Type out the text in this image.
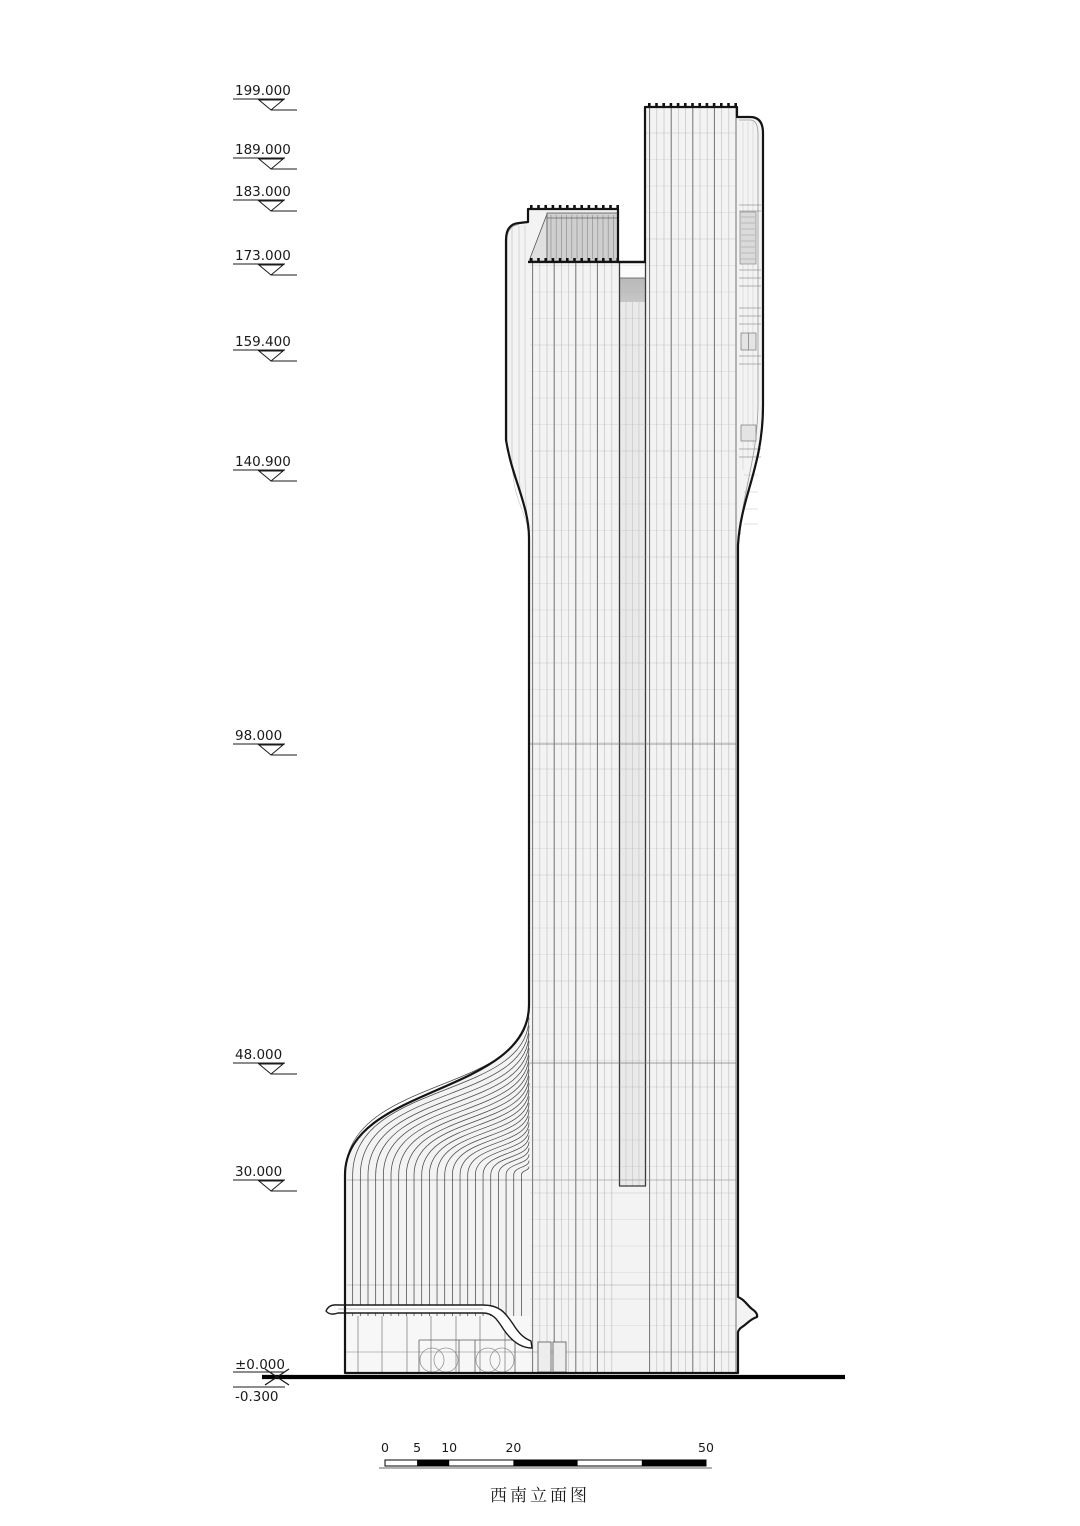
199.000
189.000
183.000
173.000
159.400
140.900
98.000
48.000
30.000
±0.000
-0.300
0 5 10	20	50
西南立面图
